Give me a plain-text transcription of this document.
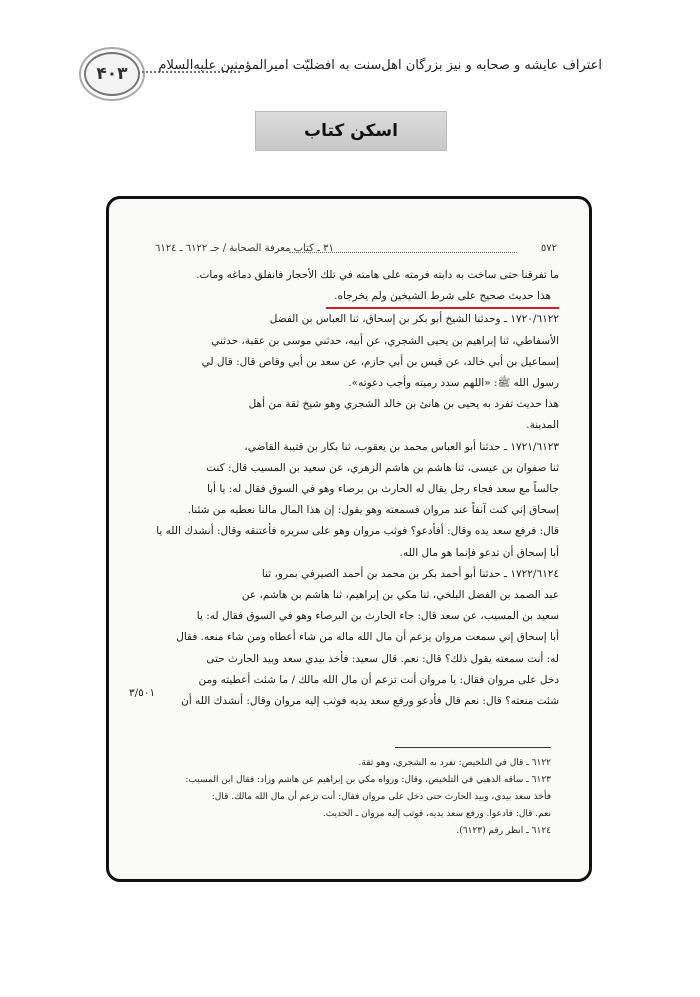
۴۰۳ اعتراف عایشه و صحابه و نیز بزرگان اهل‌سنت به افضلیّت امیرالمؤمنین علیه‌السلام
اسکن کتاب
٥٧٢
٣١ ـ كتاب معرفة الصحابة / حـ ٦١٢٢ ـ ٦١٢٤
ما تفرقنا حتى ساخت به دابته فرمته على هامته في تلك الأحجار فانفلق دماغه ومات.
هذا حديث صحيح على شرط الشيخين ولم يخرجاه.
١٧٢٠/٦١٢٢ ـ وحدثنا الشيخ أبو بكر بن إسحاق، ثنا العباس بن الفضل
الأسفاطي، ثنا إبراهيم بن يحيى الشجري، عن أبيه، حدثني موسى بن عقبة، حدثني
إسماعيل بن أبي خالد، عن قيس بن أبي حازم، عن سعد بن أبي وقاص قال: قال لي
رسول الله ﷺ: «اللهم سدد رميته وأجب دعوته».
هذا حديث تفرد به يحيى بن هانئ بن خالد الشجري وهو شيخ ثقة من أهل
المدينة.
١٧٢١/٦١٢٣ ـ حدثنا أبو العباس محمد بن يعقوب، ثنا بكار بن قتيبة القاضي،
ثنا صفوان بن عيسى، ثنا هاشم بن هاشم الزهري، عن سعيد بن المسيب قال: كنت
جالساً مع سعد فجاء رجل يقال له الحارث بن برصاء وهو في السوق فقال له: يا أبا
إسحاق إني كنت آنفاً عند مروان فسمعته وهو يقول: إن هذا المال مالنا نعطيه من شئنا.
قال: فرفع سعد يده وقال: أفأدعو؟ فوثب مروان وهو على سريره فأعتنقه وقال: أنشدك الله يا
أبا إسحاق أن تدعو فإنما هو مال الله.
١٧٢٢/٦١٢٤ ـ حدثنا أبو أحمد بكر بن محمد بن أحمد الصيرفي بمرو، ثنا
عبد الصمد بن الفضل البلخي، ثنا مكي بن إبراهيم، ثنا هاشم بن هاشم، عن
سعيد بن المسيب، عن سعد قال: جاء الحارث بن البرصاء وهو في السوق فقال له: يا
أبا إسحاق إني سمعت مروان يزعم أن مال الله ماله من شاء أعطاه ومن شاء منعه. فقال
له: أنت سمعته يقول ذلك؟ قال: نعم. قال سعيد: فأخذ بيدي سعد وبيد الحارث حتى
دخل على مروان فقال: يا مروان أنت تزعم أن مال الله مالك / ما شئت أعطيته ومن
شئت منعته؟ قال: نعم قال فأدعو ورفع سعد يديه فوثب إليه مروان وقال: أنشدك الله أن
٣/٥٠١
٦١٢٢ ـ قال في التلخيص: تفرد به الشجري، وهو ثقة.
٦١٢٣ ـ ساقه الذهبي في التلخيص، وقال: ورواه مكي بن إبراهيم عن هاشم وزاد: فقال ابن المسيب:
فأخذ سعد بيدي، وبيد الحارث حتى دخل على مروان فقال: أنت تزعم أن مال الله مالك. قال:
نعم. قال: فادعوا. ورفع سعد يديه، فوثب إليه مروان ـ الحديث.
٦١٢٤ ـ انظر رقم (٦١٢٣).
